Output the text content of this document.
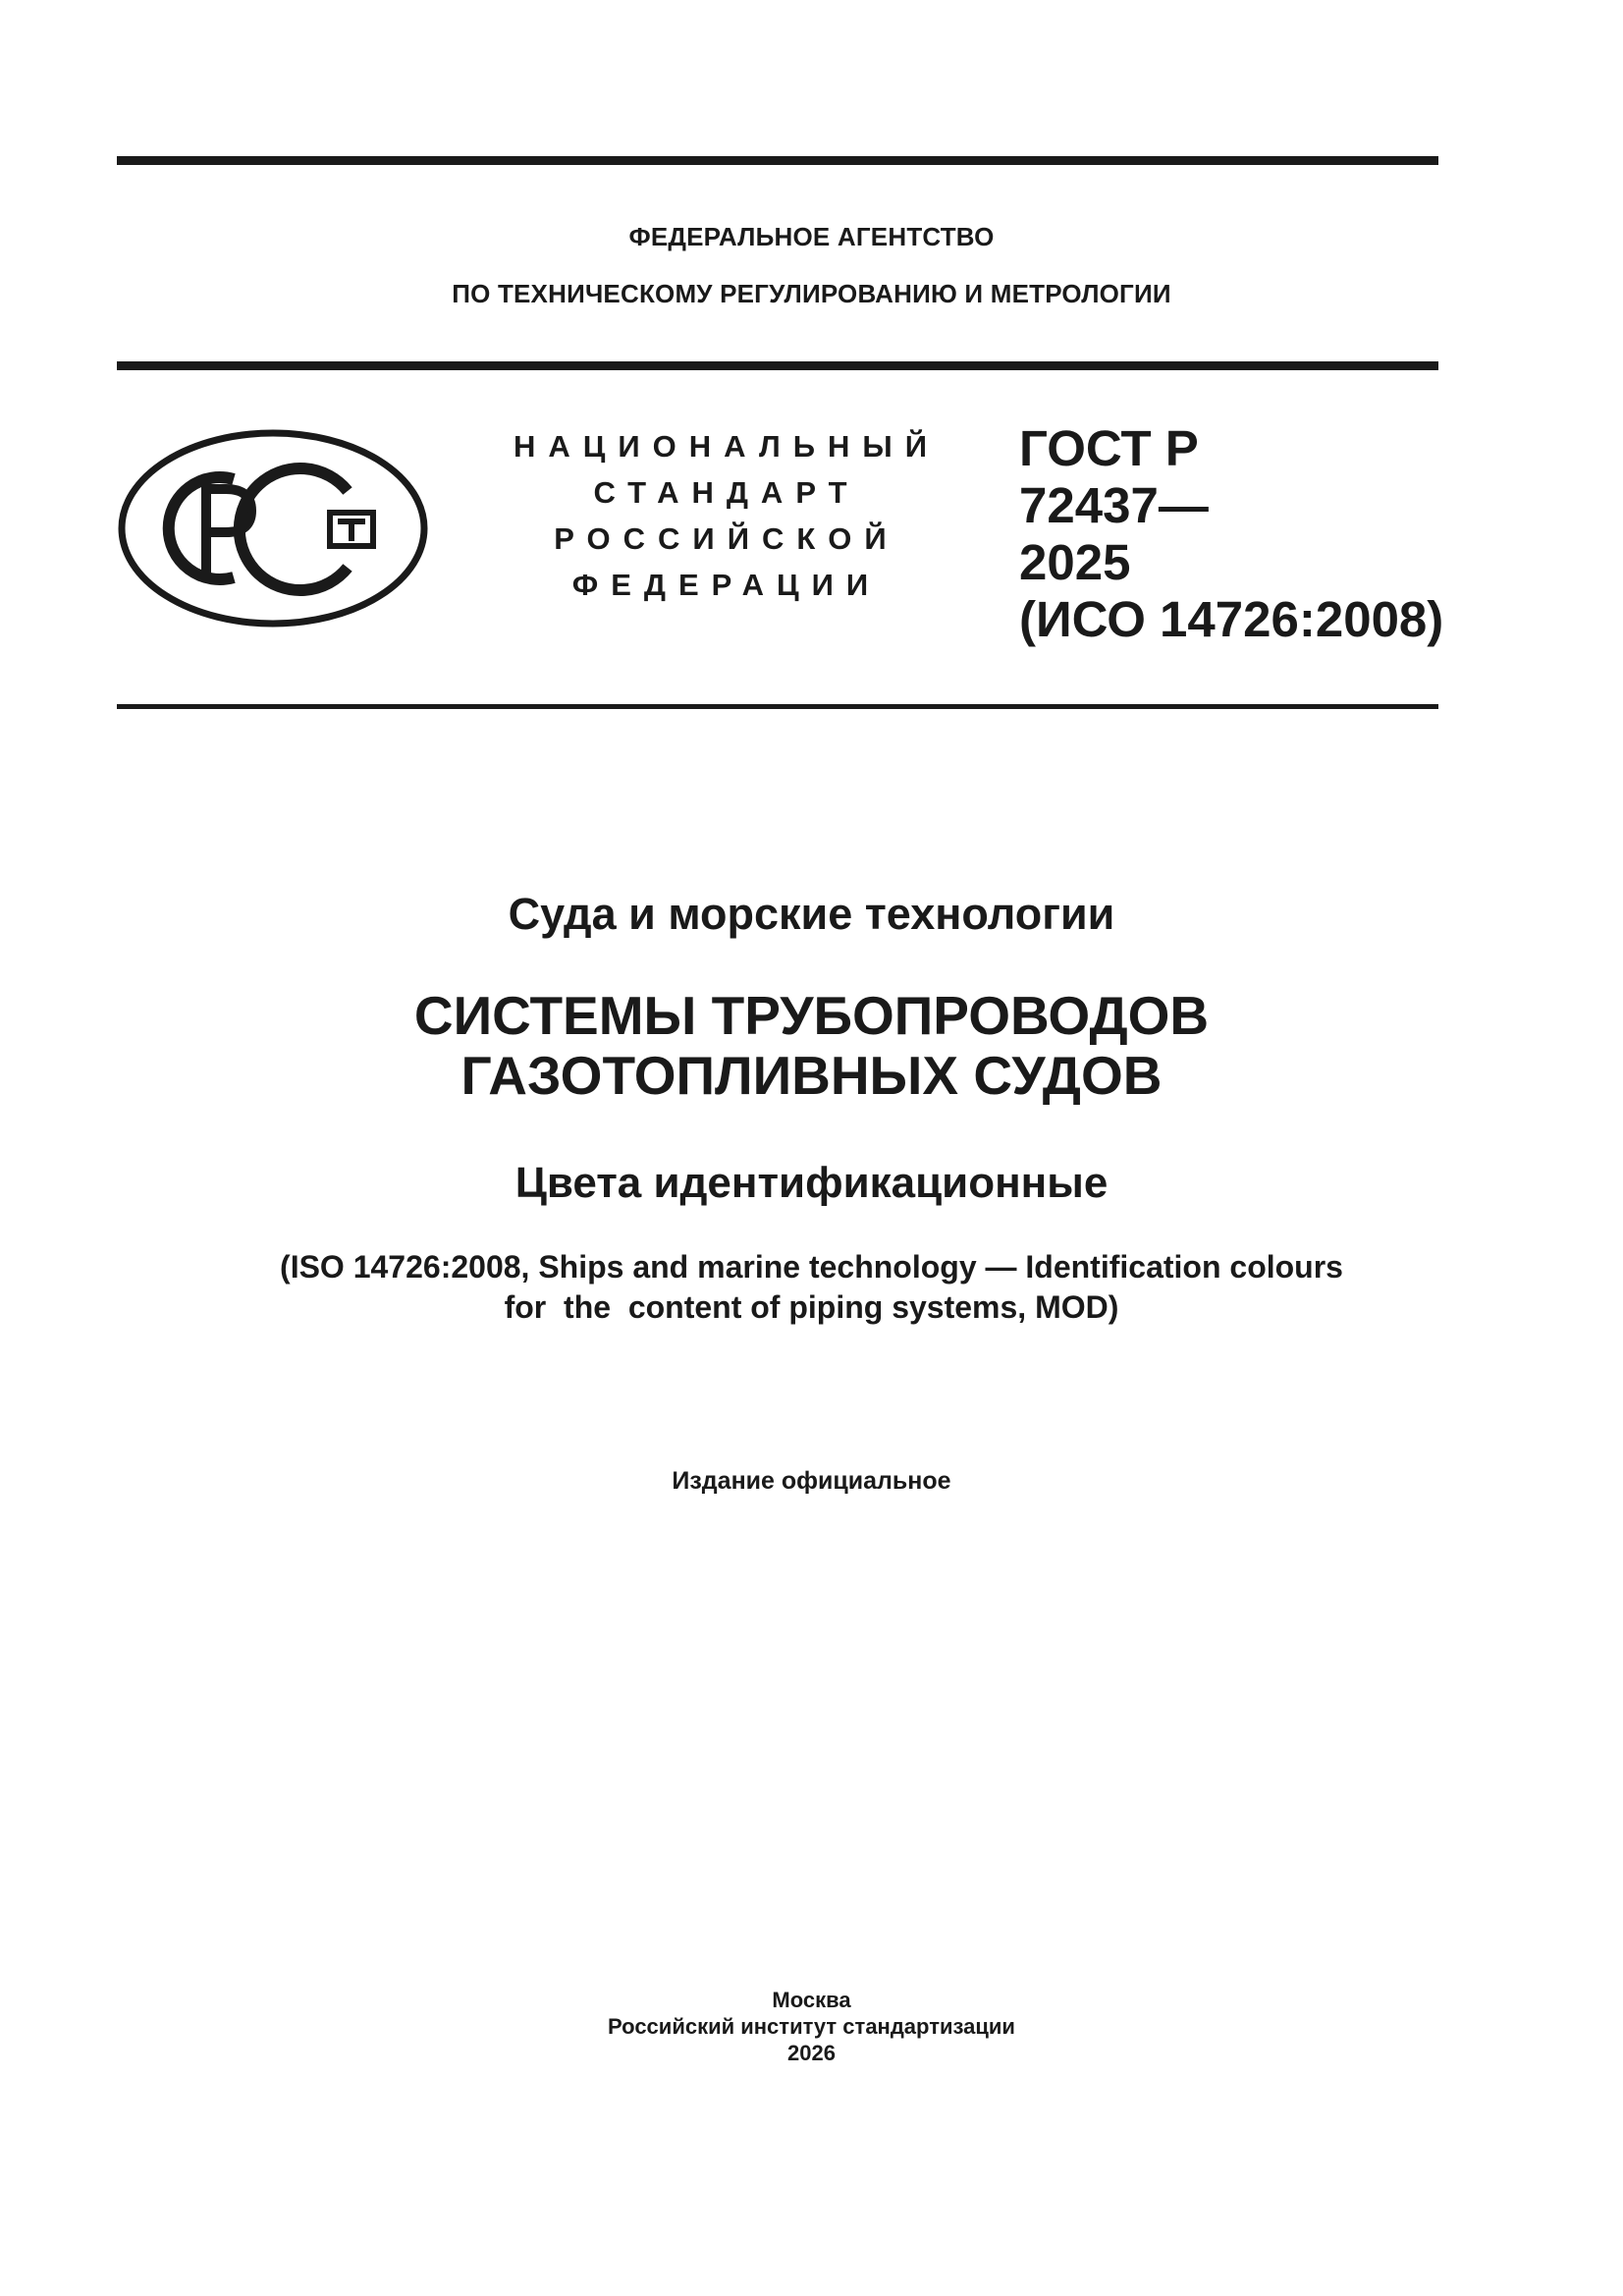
ФЕДЕРАЛЬНОЕ АГЕНТСТВО
ПО ТЕХНИЧЕСКОМУ РЕГУЛИРОВАНИЮ И МЕТРОЛОГИИ
НАЦИОНАЛЬНЫЙ
СТАНДАРТ
РОССИЙСКОЙ
ФЕДЕРАЦИИ
ГОСТ Р
72437—
2025
(ИСО 14726:2008)
Суда и морские технологии
СИСТЕМЫ ТРУБОПРОВОДОВ
ГАЗОТОПЛИВНЫХ СУДОВ
Цвета идентификационные
(ISO 14726:2008, Ships and marine technology — Identification colours
for  the  content of piping systems, MOD)
Издание официальное
Москва
Российский институт стандартизации
2026
